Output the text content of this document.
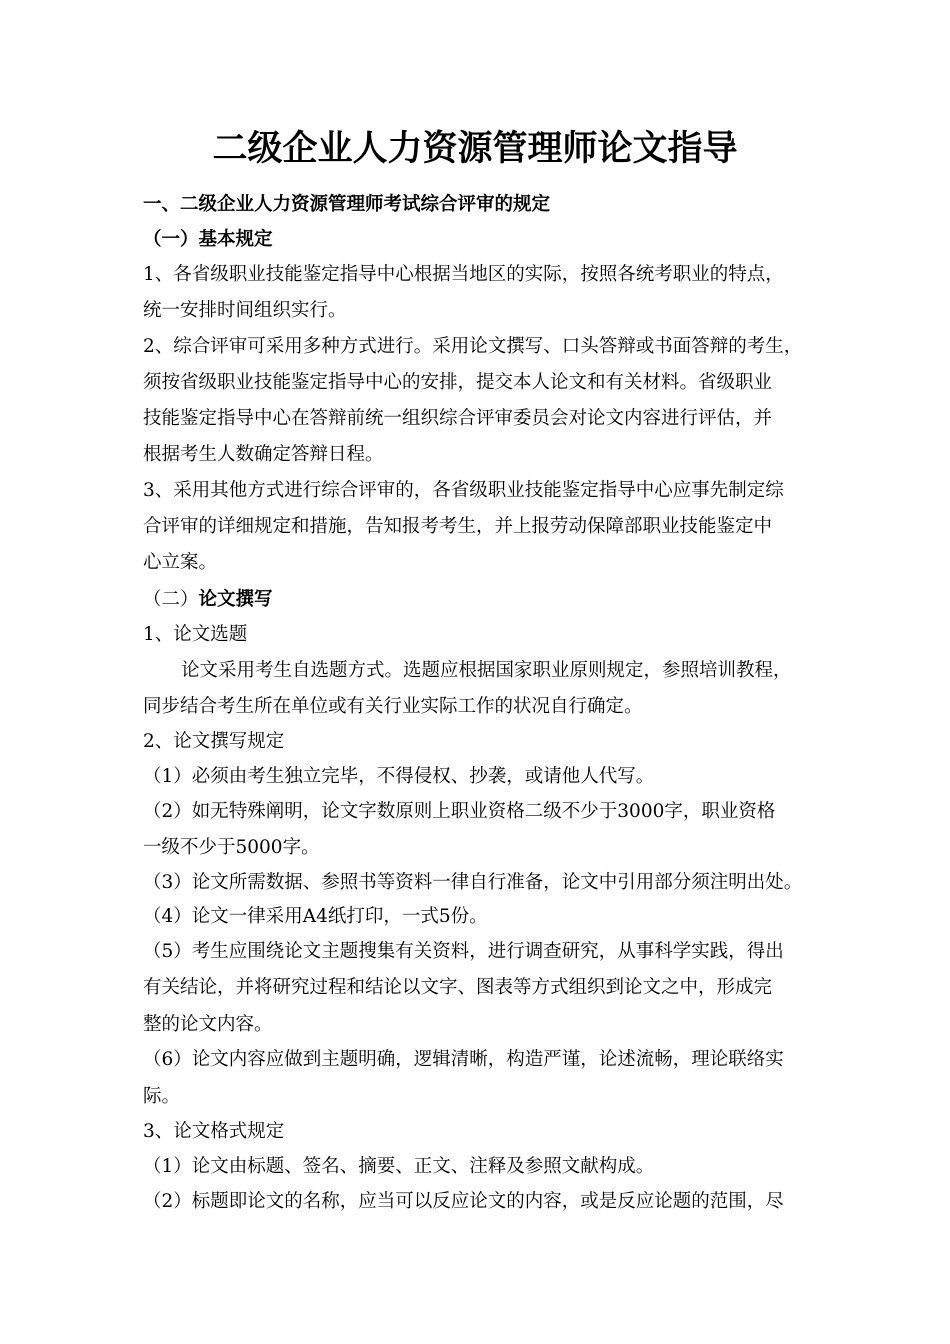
二级企业人力资源管理师论文指导
一、二级企业人力资源管理师考试综合评审的规定
（一）基本规定
1、各省级职业技能鉴定指导中心根据当地区的实际，按照各统考职业的特点，
统一安排时间组织实行。
2、综合评审可采用多种方式进行。采用论文撰写、口头答辩或书面答辩的考生，
须按省级职业技能鉴定指导中心的安排，提交本人论文和有关材料。省级职业
技能鉴定指导中心在答辩前统一组织综合评审委员会对论文内容进行评估，并
根据考生人数确定答辩日程。
3、采用其他方式进行综合评审的，各省级职业技能鉴定指导中心应事先制定综
合评审的详细规定和措施，告知报考考生，并上报劳动保障部职业技能鉴定中
心立案。
（二）论文撰写
1、论文选题
论文采用考生自选题方式。选题应根据国家职业原则规定，参照培训教程，
同步结合考生所在单位或有关行业实际工作的状况自行确定。
2、论文撰写规定
（1）必须由考生独立完毕，不得侵权、抄袭，或请他人代写。
（2）如无特殊阐明，论文字数原则上职业资格二级不少于3000字，职业资格
一级不少于5000字。
（3）论文所需数据、参照书等资料一律自行准备，论文中引用部分须注明出处。
（4）论文一律采用A4纸打印，一式5份。
（5）考生应围绕论文主题搜集有关资料，进行调查研究，从事科学实践，得出
有关结论，并将研究过程和结论以文字、图表等方式组织到论文之中，形成完
整的论文内容。
（6）论文内容应做到主题明确，逻辑清晰，构造严谨，论述流畅，理论联络实
际。
3、论文格式规定
（1）论文由标题、签名、摘要、正文、注释及参照文献构成。
（2）标题即论文的名称，应当可以反应论文的内容，或是反应论题的范围，尽
